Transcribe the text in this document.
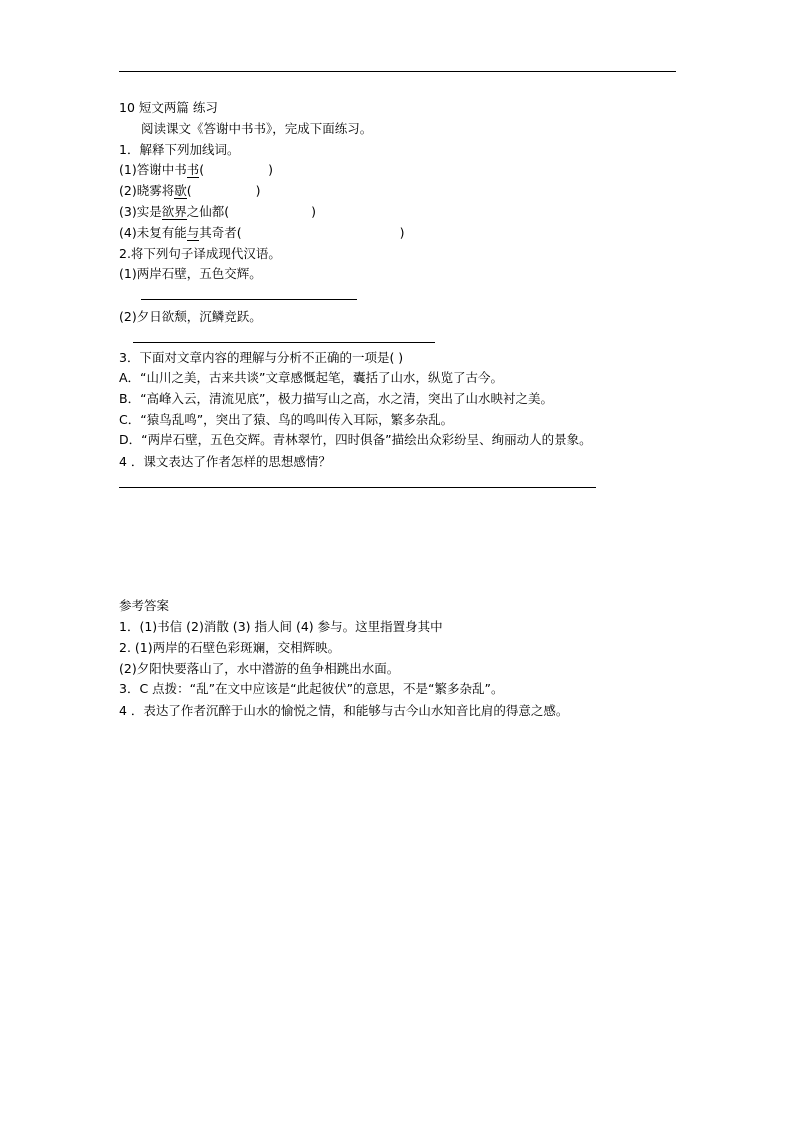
10 短文两篇 练习
阅读课文《答谢中书书》，完成下面练习。
1．解释下列加线词。
(1)答谢中书书(	)
(2)晓雾将歇(	)
(3)实是欲界之仙都(	)
(4)未复有能与其奇者(	)
2.将下列句子译成现代汉语。
(1)两岸石壁，五色交辉。
(2)夕日欲颓，沉鳞竞跃。
3．下面对文章内容的理解与分析不正确的一项是( )
A．“山川之美，古来共谈”文章感慨起笔，囊括了山水，纵览了古今。
B．“高峰入云，清流见底”，极力描写山之高，水之清，突出了山水映衬之美。
C．“猿鸟乱鸣”，突出了猿、鸟的鸣叫传入耳际，繁多杂乱。
D．“两岸石壁，五色交辉。青林翠竹，四时俱备”描绘出众彩纷呈、绚丽动人的景象。
4 ．课文表达了作者怎样的思想感情？
参考答案
1．(1)书信 (2)消散 (3) 指人间 (4) 参与。这里指置身其中
2. (1)两岸的石壁色彩斑斓，交相辉映。
(2)夕阳快要落山了，水中潜游的鱼争相跳出水面。
3．C 点拨：“乱”在文中应该是“此起彼伏”的意思，不是“繁多杂乱”。
4 ．表达了作者沉醉于山水的愉悦之情，和能够与古今山水知音比肩的得意之感。
